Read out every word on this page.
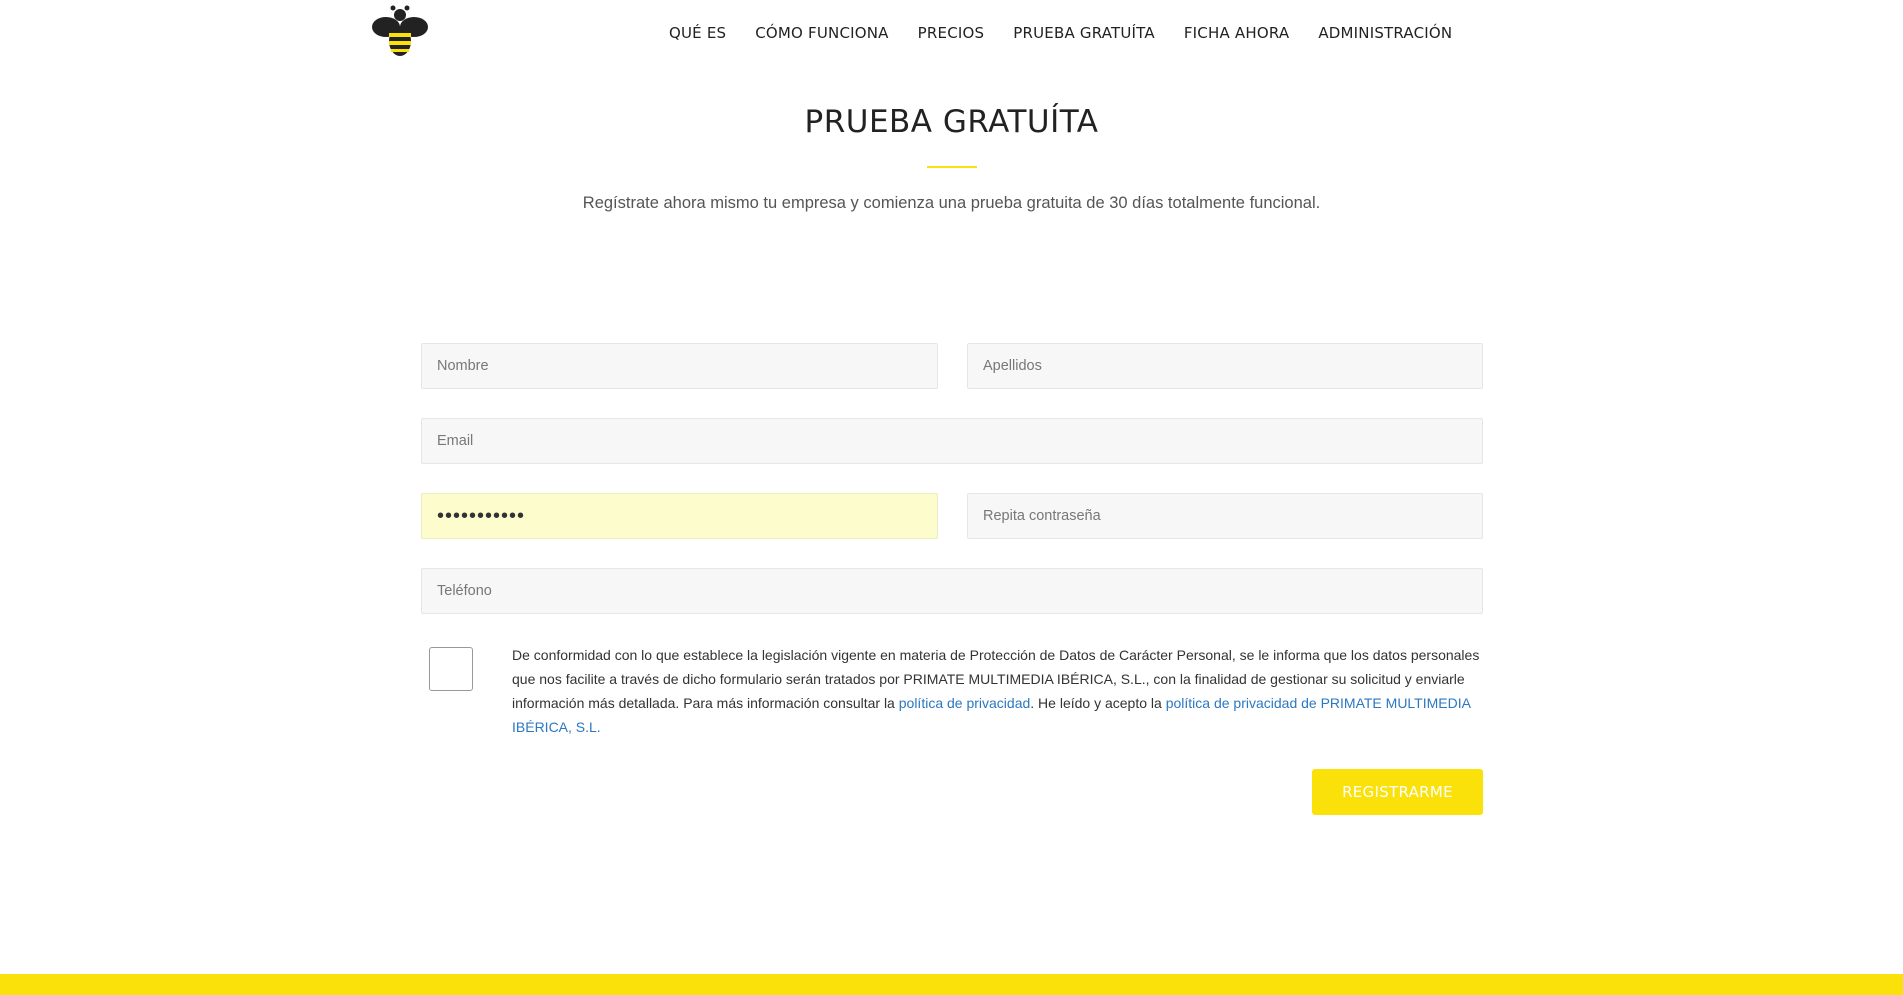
QUÉ ES CÓMO FUNCIONA PRECIOS PRUEBA GRATUÍTA FICHA AHORA ADMINISTRACIÓN
PRUEBA GRATUÍTA
Regístrate ahora mismo tu empresa y comienza una prueba gratuita de 30 días totalmente funcional.
Nombre
Apellidos
Email
•••••••••••
Repita contraseña
Teléfono

De conformidad con lo que establece la legislación vigente en materia de Protección de Datos de Carácter Personal, se le informa que los datos personales que nos facilite a través de dicho formulario serán tratados por PRIMATE MULTIMEDIA IBÉRICA, S.L., con la finalidad de gestionar su solicitud y enviarle información más detallada. Para más información consultar la política de privacidad. He leído y acepto la política de privacidad de PRIMATE MULTIMEDIA IBÉRICA, S.L.

REGISTRARME
